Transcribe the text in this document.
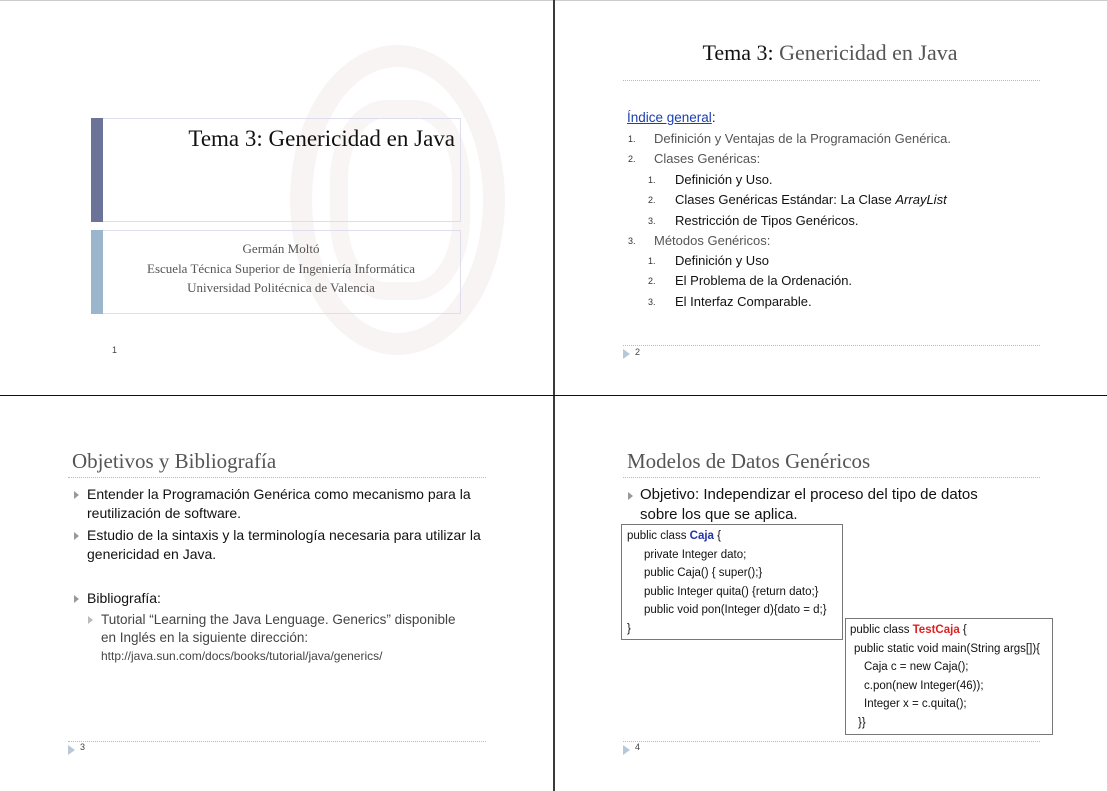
Tema 3: Genericidad en Java
Germán Moltó
Escuela Técnica Superior de Ingeniería Informática
Universidad Politécnica de Valencia
1
Tema 3: Genericidad en Java
Índice general:
1. Definición y Ventajas de la Programación Genérica.
2. Clases Genéricas:
1. Definición y Uso.
2. Clases Genéricas Estándar: La Clase ArrayList
3. Restricción de Tipos Genéricos.
3. Métodos Genéricos:
1. Definición y Uso
2. El Problema de la Ordenación.
3. El Interfaz Comparable.
2
Objetivos y Bibliografía
Entender la Programación Genérica como mecanismo para la
reutilización de software.
Estudio de la sintaxis y la terminología necesaria para utilizar la
genericidad en Java.
Bibliografía:
Tutorial “Learning the Java Lenguage. Generics” disponible
en Inglés en la siguiente dirección:
http://java.sun.com/docs/books/tutorial/java/generics/
3
Modelos de Datos Genéricos
Objetivo: Independizar el proceso del tipo de datos
sobre los que se aplica.
public class Caja {
private Integer dato;
public Caja() { super();}
public Integer quita() {return dato;}
public void pon(Integer d){dato = d;}
}	public class TestCaja {
public static void main(String args[]){
Caja c = new Caja();
c.pon(new Integer(46));
Integer x = c.quita();
}}
4
